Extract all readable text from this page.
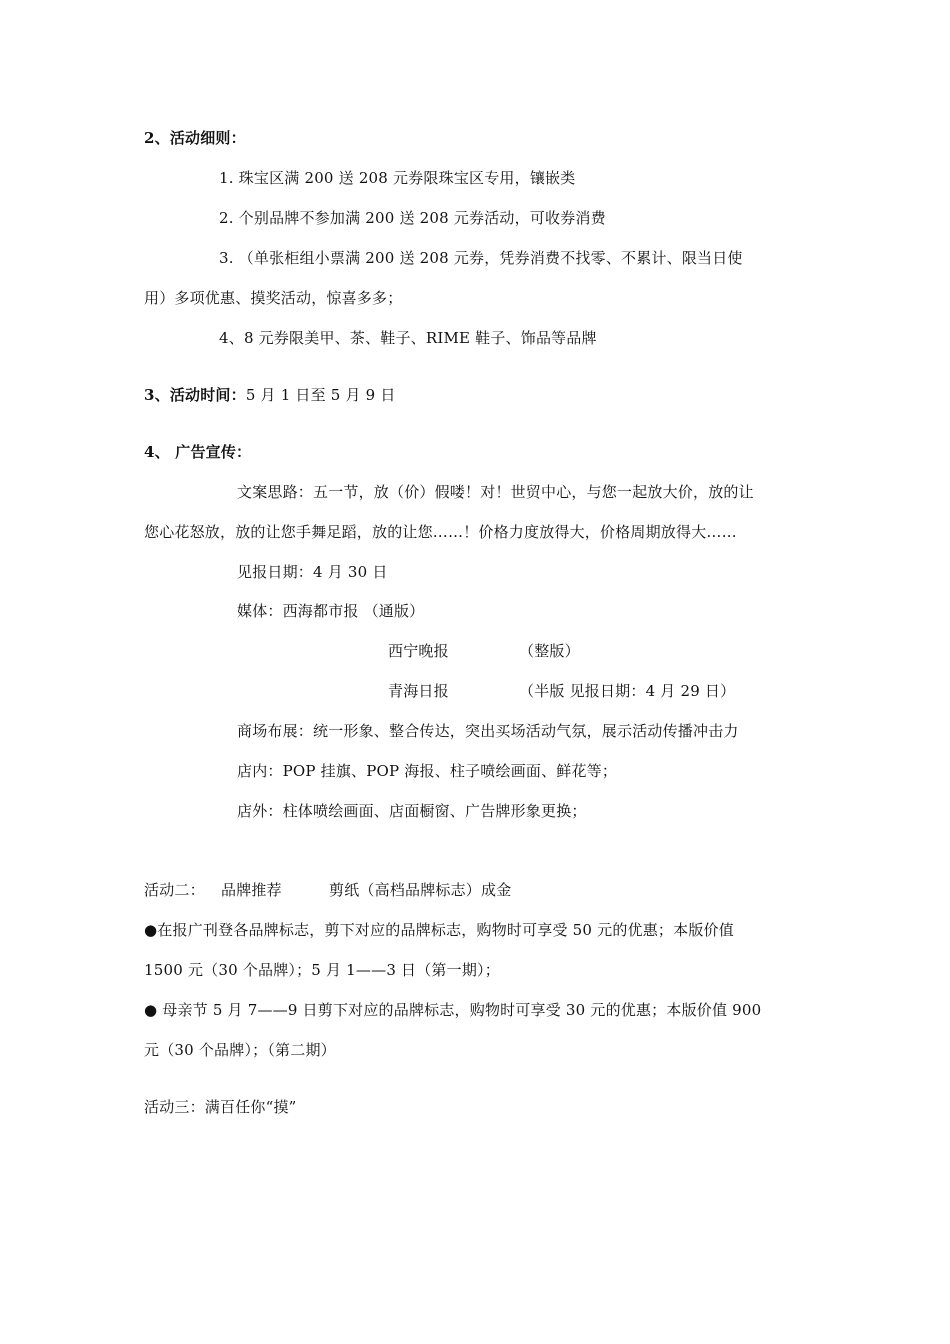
2、活动细则：
1. 珠宝区满 200 送 208 元券限珠宝区专用，镶嵌类
2. 个别品牌不参加满 200 送 208 元券活动，可收券消费
3. （单张柜组小票满 200 送 208 元券，凭券消费不找零、不累计、限当日使
用）多项优惠、摸奖活动，惊喜多多；
4、8 元券限美甲、茶、鞋子、RIME 鞋子、饰品等品牌
3、活动时间：5 月 1 日至 5 月 9 日
4、 广告宣传：
文案思路：五一节，放（价）假喽！对！世贸中心，与您一起放大价，放的让
您心花怒放，放的让您手舞足蹈，放的让您……！价格力度放得大，价格周期放得大……
见报日期：4 月 30 日
媒体：西海都市报 （通版）
西宁晚报	（整版）
青海日报	（半版 见报日期：4 月 29 日）
商场布展：统一形象、整合传达，突出买场活动气氛，展示活动传播冲击力
店内：POP 挂旗、POP 海报、柱子喷绘画面、鲜花等；
店外：柱体喷绘画面、店面橱窗、广告牌形象更换；
活动二： 品牌推荐	剪纸（高档品牌标志）成金
●在报广刊登各品牌标志，剪下对应的品牌标志，购物时可享受 50 元的优惠；本版价值
1500 元（30 个品牌）；5 月 1——3 日（第一期）；
● 母亲节 5 月 7——9 日剪下对应的品牌标志，购物时可享受 30 元的优惠；本版价值 900
元（30 个品牌）；（第二期）
活动三：满百任你“摸”
